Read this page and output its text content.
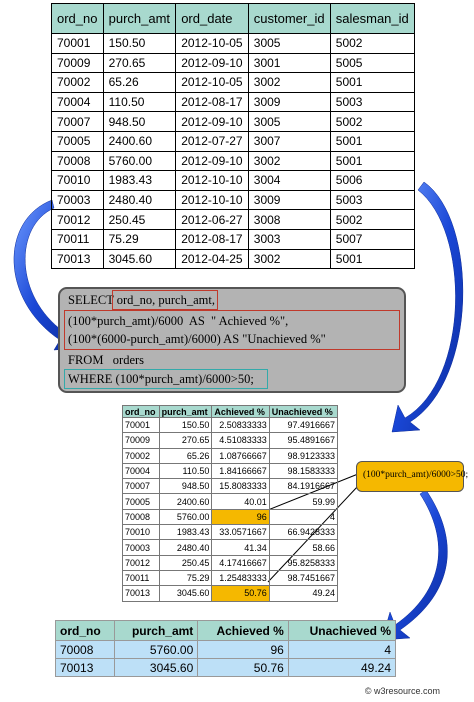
ord_no	purch_amt	ord_date	customer_id	salesman_id
70001	150.50	2012-10-05	3005	5002
70009	270.65	2012-09-10	3001	5005
70002	65.26	2012-10-05	3002	5001
70004	110.50	2012-08-17	3009	5003
70007	948.50	2012-09-10	3005	5002
70005	2400.60	2012-07-27	3007	5001
70008	5760.00	2012-09-10	3002	5001
70010	1983.43	2012-10-10	3004	5006
70003	2480.40	2012-10-10	3009	5003
70012	250.45	2012-06-27	3008	5002
70011	75.29	2012-08-17	3003	5007
70013	3045.60	2012-04-25	3002	5001
SELECT ord_no, purch_amt,
(100*purch_amt)/6000  AS  " Achieved %",
(100*(6000-purch_amt)/6000) AS "Unachieved %"
FROM   orders
WHERE (100*purch_amt)/6000>50;
ord_no	purch_amt	Achieved %	Unachieved %
70001	150.50	2.50833333	97.4916667
70009	270.65	4.51083333	95.4891667
70002	65.26	1.08766667	98.9123333
70004	110.50	1.84166667	98.1583333
70007	948.50	15.8083333	84.1916667
70005	2400.60	40.01	59.99
70008	5760.00	96	4
70010	1983.43	33.0571667	66.9428333
70003	2480.40	41.34	58.66
70012	250.45	4.17416667	95.8258333
70011	75.29	1.25483333	98.7451667
70013	3045.60	50.76	49.24
(100*purch_amt)/6000>50;
ord_no	purch_amt	Achieved %	Unachieved %
70008	5760.00	96	4
70013	3045.60	50.76	49.24
© w3resource.com
